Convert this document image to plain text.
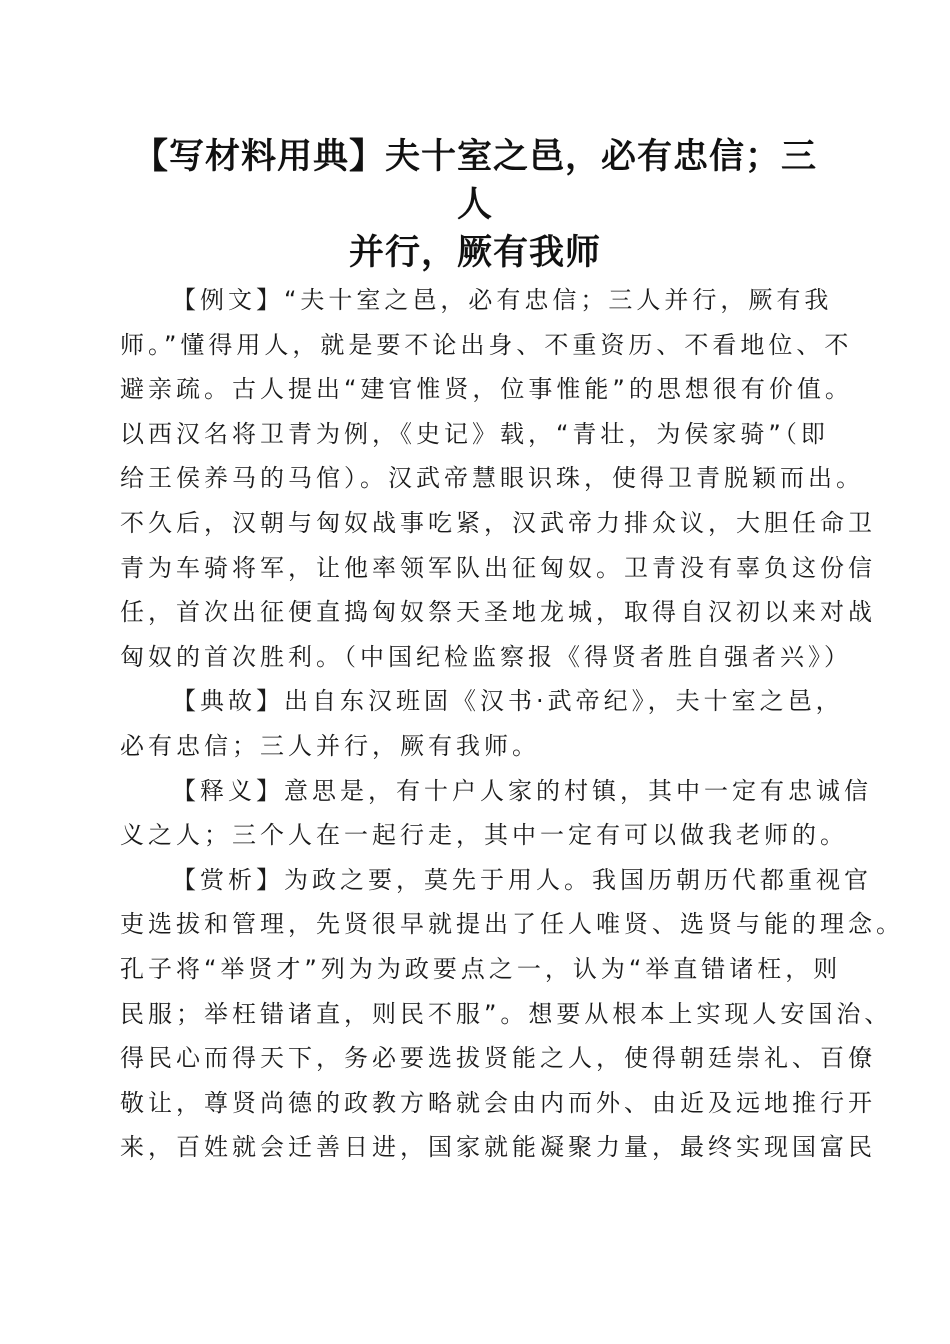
【写材料用典】夫十室之邑，必有忠信；三人
并行，厥有我师
【例文】“夫十室之邑，必有忠信；三人并行，厥有我
师。”懂得用人，就是要不论出身、不重资历、不看地位、不
避亲疏。古人提出“建官惟贤，位事惟能”的思想很有价值。
以西汉名将卫青为例，《史记》载，“青壮，为侯家骑”（即
给王侯养马的马倌）。汉武帝慧眼识珠，使得卫青脱颖而出。
不久后，汉朝与匈奴战事吃紧，汉武帝力排众议，大胆任命卫
青为车骑将军，让他率领军队出征匈奴。卫青没有辜负这份信
任，首次出征便直捣匈奴祭天圣地龙城，取得自汉初以来对战
匈奴的首次胜利。（中国纪检监察报《得贤者胜自强者兴》）
【典故】出自东汉班固《汉书·武帝纪》，夫十室之邑，
必有忠信；三人并行，厥有我师。
【释义】意思是，有十户人家的村镇，其中一定有忠诚信
义之人；三个人在一起行走，其中一定有可以做我老师的。
【赏析】为政之要，莫先于用人。我国历朝历代都重视官
吏选拔和管理，先贤很早就提出了任人唯贤、选贤与能的理念。
孔子将“举贤才”列为为政要点之一，认为“举直错诸枉，则
民服；举枉错诸直，则民不服”。想要从根本上实现人安国治、
得民心而得天下，务必要选拔贤能之人，使得朝廷崇礼、百僚
敬让，尊贤尚德的政教方略就会由内而外、由近及远地推行开
来，百姓就会迁善日进，国家就能凝聚力量，最终实现国富民
